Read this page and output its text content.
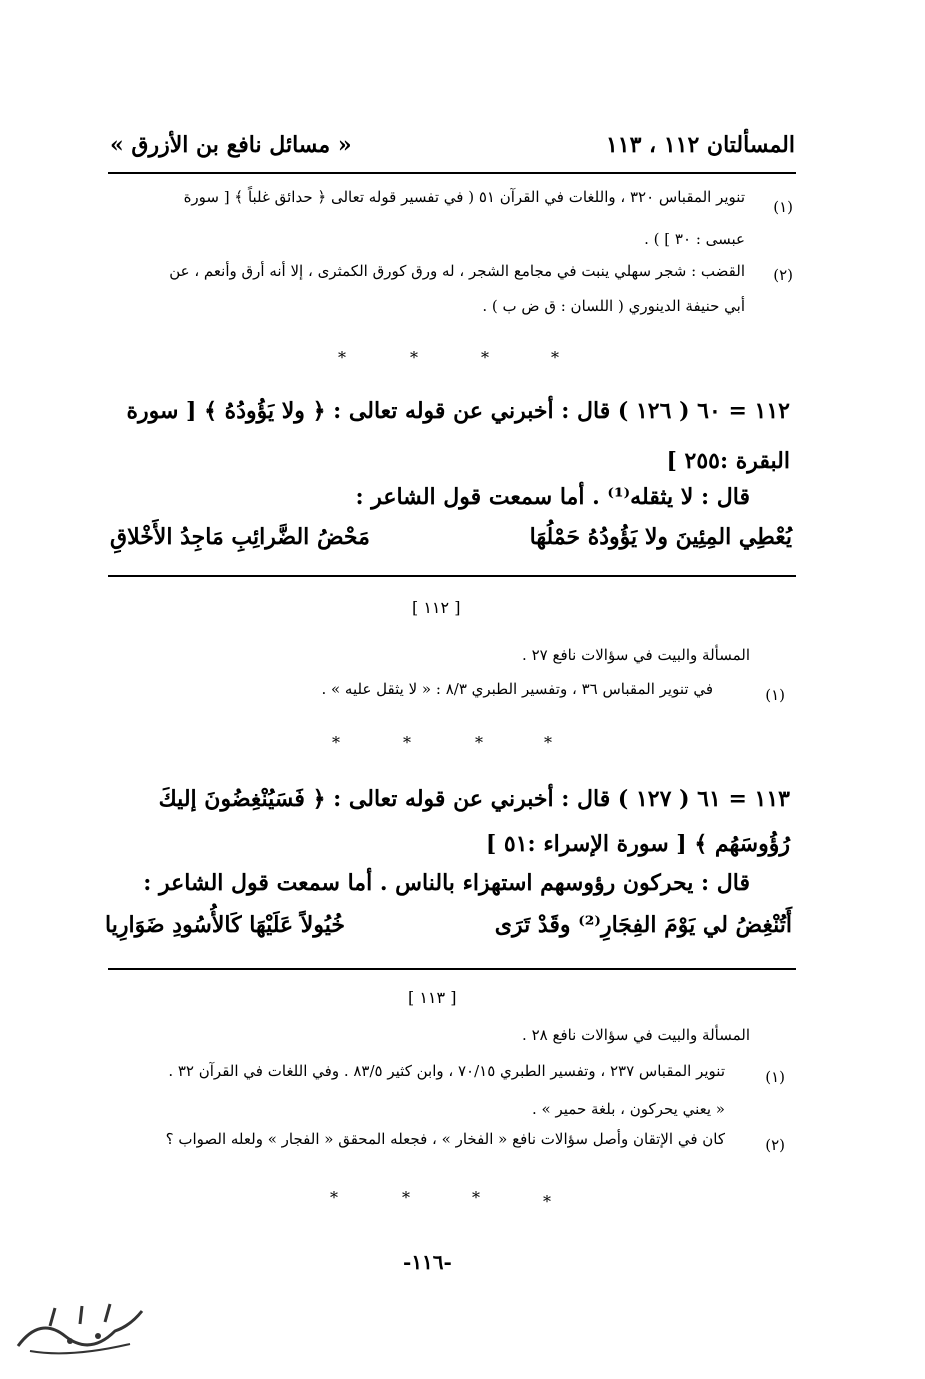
المسألتان ١١٢ ، ١١٣
« مسائل نافع بن الأزرق »
(١)
تنوير المقباس ٣٢٠ ، واللغات في القرآن ٥١ ( في تفسير قوله تعالى ﴿ حدائق غلباً ﴾ [ سورة
عبسى : ٣٠ ] ) .
(٢)
القضب : شجر سهلي ينبت في مجامع الشجر ، له ورق كورق الكمثرى ، إلا أنه أرق وأنعم ، عن
أبي حنيفة الدينوري ( اللسان : ق ض ب ) .
*	*	*	*
١١٢ = ٦٠ ( ١٢٦ ) قال : أخبرني عن قوله تعالى : ﴿ ولا يَؤُودُهُ ﴾ [ سورة
البقرة :٢٥٥ ]
قال : لا يثقله⁽¹⁾ . أما سمعت قول الشاعر :
يُعْطِي المِئِينَ ولا يَؤُودُهُ حَمْلُهَا
مَحْضُ الضَّرائِبِ مَاجِدُ الأَخْلاقِ
[ ١١٢ ]
المسألة والبيت في سؤالات نافع ٢٧ .
(١)
في تنوير المقباس ٣٦ ، وتفسير الطبري ٨/٣ : « لا يثقل عليه » .
*	*	*	*
١١٣ = ٦١ ( ١٢٧ ) قال : أخبرني عن قوله تعالى : ﴿ فَسَيُنْغِضُونَ إليكَ
رُؤُوسَهُم ﴾ [ سورة الإسراء :٥١ ]
قال : يحركون رؤوسهم استهزاء بالناس . أما سمعت قول الشاعر :
أَتُنْغِضُ لي يَوْمَ الفِجَارِ⁽²⁾ وقَدْ تَرَى
خُيُولاً عَلَيْهَا كَالأُسُودِ ضَوَارِيا
[ ١١٣ ]
المسألة والبيت في سؤالات نافع ٢٨ .
(١)
تنوير المقباس ٢٣٧ ، وتفسير الطبري ٧٠/١٥ ، وابن كثير ٨٣/٥ . وفي اللغات في القرآن ٣٢ .
« يعني يحركون ، بلغة حمير » .
(٢)
كان في الإتقان وأصل سؤالات نافع « الفخار » ، فجعله المحقق « الفجار » ولعله الصواب ؟
*	*	*	*
-١١٦-
